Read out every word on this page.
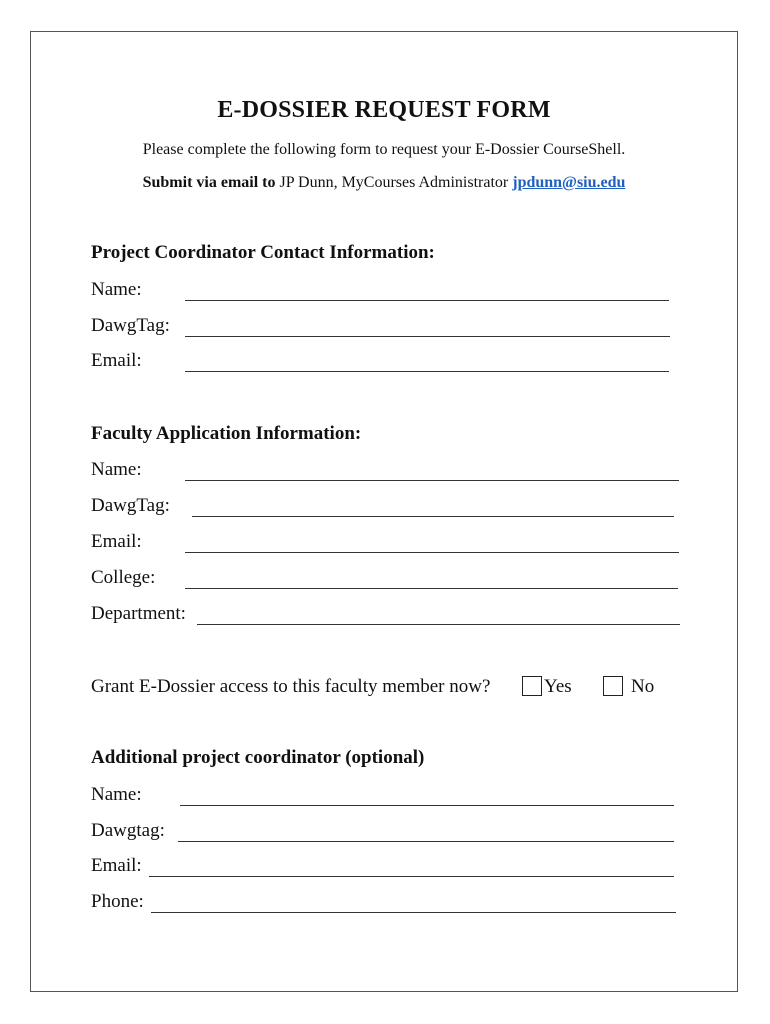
E-DOSSIER REQUEST FORM
Please complete the following form to request your E-Dossier CourseShell.
Submit via email to JP Dunn, MyCourses Administrator jpdunn@siu.edu
Project Coordinator Contact Information:
Name:
DawgTag:
Email:
Faculty Application Information:
Name:
DawgTag:
Email:
College:
Department:
Grant E-Dossier access to this faculty member now?	Yes	No
Additional project coordinator (optional)
Name:
Dawgtag:
Email:
Phone:
